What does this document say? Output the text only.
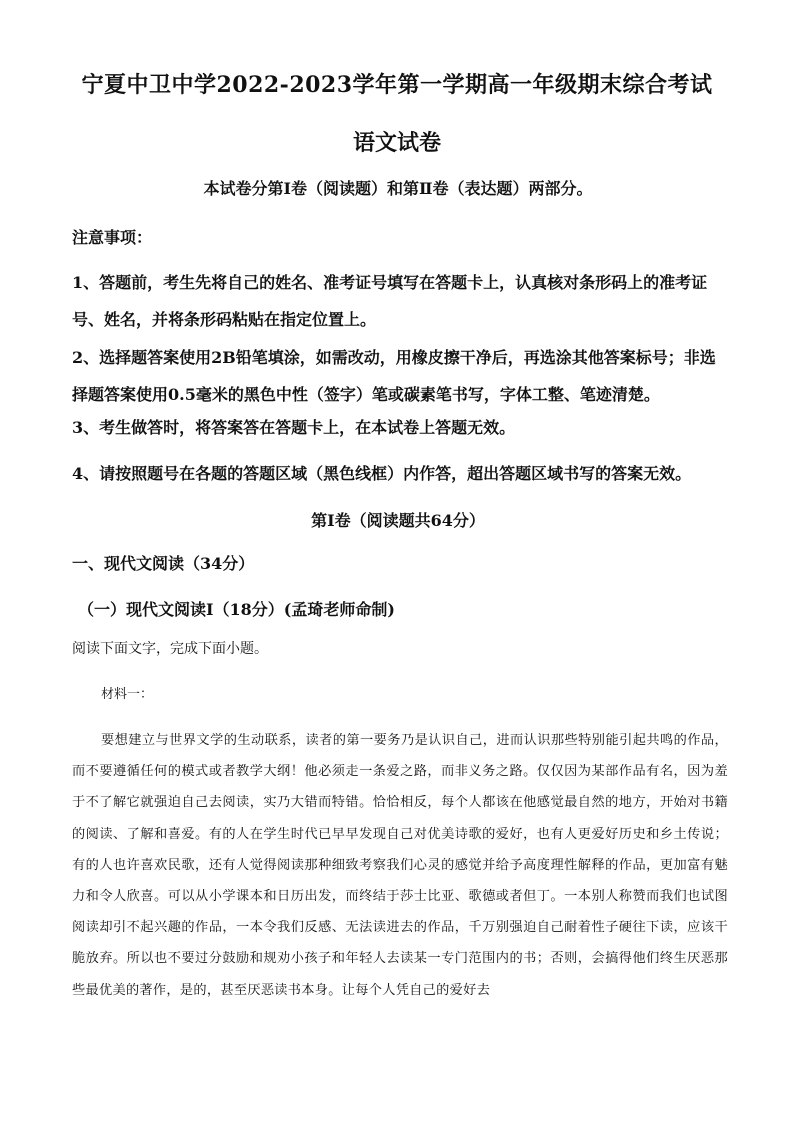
宁夏中卫中学2022-2023学年第一学期高一年级期末综合考试
语文试卷
本试卷分第Ⅰ卷（阅读题）和第Ⅱ卷（表达题）两部分。
注意事项：
1、答题前，考生先将自己的姓名、准考证号填写在答题卡上，认真核对条形码上的准考证号、姓名，并将条形码粘贴在指定位置上。
2、选择题答案使用2B铅笔填涂，如需改动，用橡皮擦干净后，再选涂其他答案标号；非选择题答案使用0.5毫米的黑色中性（签字）笔或碳素笔书写，字体工整、笔迹清楚。
3、考生做答时，将答案答在答题卡上，在本试卷上答题无效。
4、请按照题号在各题的答题区域（黑色线框）内作答，超出答题区域书写的答案无效。
第Ⅰ卷（阅读题共64分）
一、现代文阅读（34分）
（一）现代文阅读Ⅰ（18分）(孟琦老师命制)
阅读下面文字，完成下面小题。
材料一：
要想建立与世界文学的生动联系，读者的第一要务乃是认识自己，进而认识那些特别能引起共鸣的作品，而不要遵循任何的模式或者教学大纲！他必须走一条爱之路，而非义务之路。仅仅因为某部作品有名，因为羞于不了解它就强迫自己去阅读，实乃大错而特错。恰恰相反，每个人都该在他感觉最自然的地方，开始对书籍的阅读、了解和喜爱。有的人在学生时代已早早发现自己对优美诗歌的爱好，也有人更爱好历史和乡土传说；有的人也许喜欢民歌，还有人觉得阅读那种细致考察我们心灵的感觉并给予高度理性解释的作品，更加富有魅力和令人欣喜。可以从小学课本和日历出发，而终结于莎士比亚、歌德或者但丁。一本别人称赞而我们也试图阅读却引不起兴趣的作品，一本令我们反感、无法读进去的作品，千万别强迫自己耐着性子硬往下读，应该干脆放弃。所以也不要过分鼓励和规劝小孩子和年轻人去读某一专门范围内的书；否则，会搞得他们终生厌恶那些最优美的著作，是的，甚至厌恶读书本身。让每个人凭自己的爱好去
